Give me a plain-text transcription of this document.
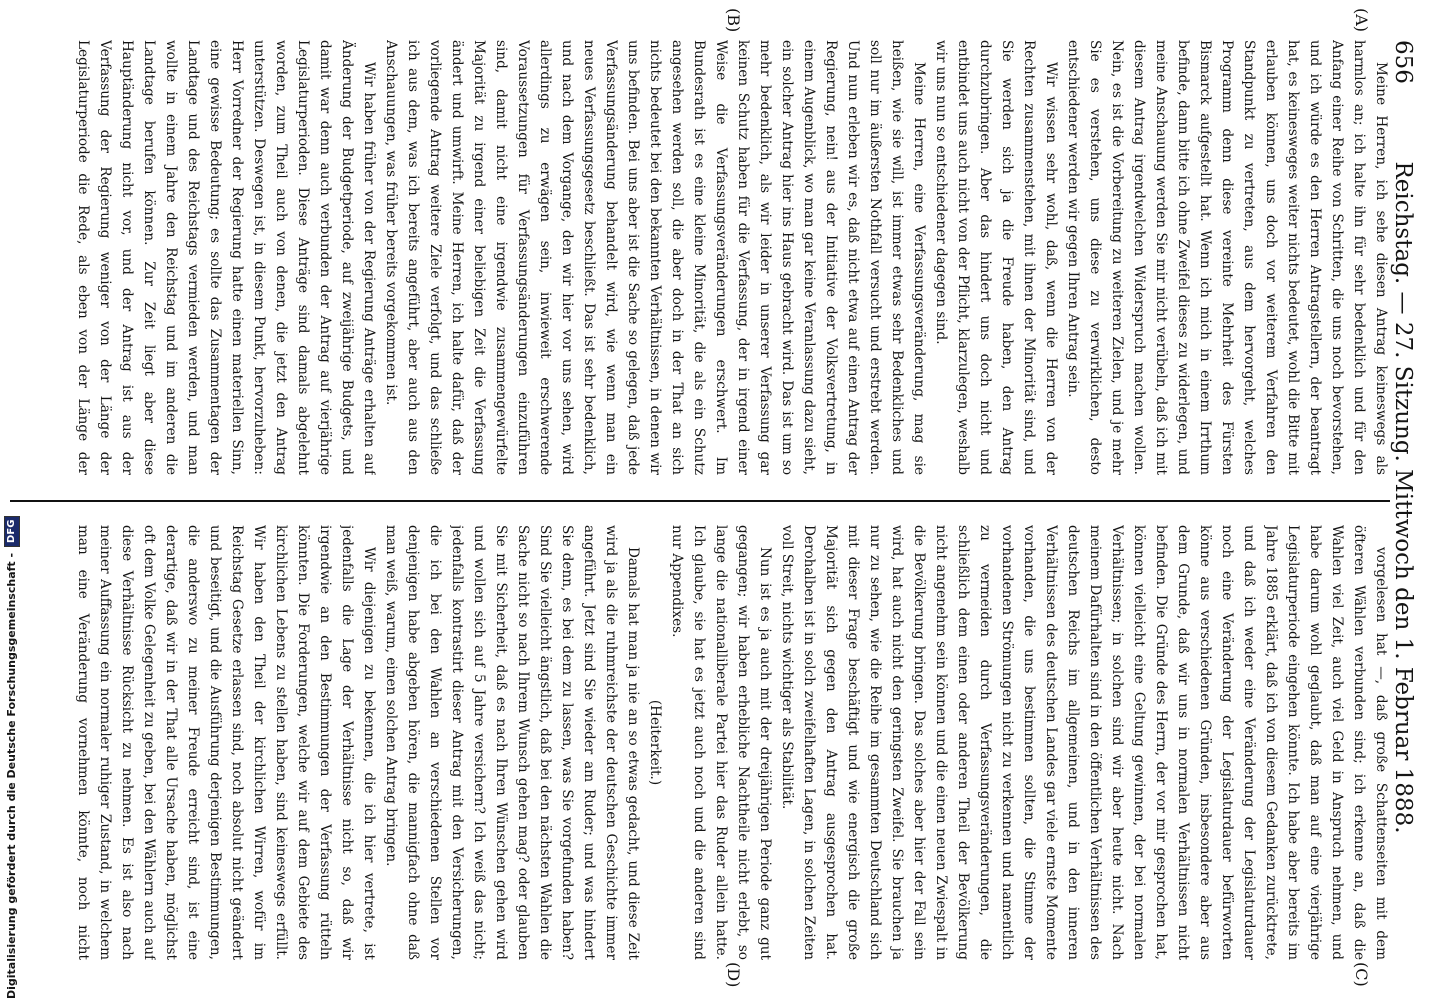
656
Reichstag. — 27. Sitzung. Mittwoch den 1. Februar 1888.
(A)
(B)
(C)
(D)

Meine Herren, ich sehe diesen Antrag keineswegs als harmlos an; ich halte ihn für sehr bedenklich und für den Anfang einer Reihe von Schritten, die uns noch bevorstehen, und ich würde es den Herren Antragstellern, der beantragt hat, es keinesweges weiter nichts bedeutet, wohl die Bitte mit erlauben können, uns doch vor weiterem Verfahren den Standpunkt zu vertreten, aus dem hervorgeht, welches Programm denn diese vereinte Mehrheit des Fürsten Bismarck aufgestellt hat. Wenn ich mich in einem Irrthum befinde, dann bitte ich ohne Zweifel dieses zu widerlegen, und meine Anschauung werden Sie mir nicht verübeln, daß ich mit diesem Antrag irgendwelchen Widerspruch machen wollen. Nein, es ist die Vorbereitung zu weiteren Zielen, und je mehr Sie es verstehen, uns diese zu verwirklichen, desto entschiedener werden wir gegen Ihren Antrag sein.

Wir wissen sehr wohl, daß, wenn die Herren von der Rechten zusammenstehen, mit ihnen der Minorität sind, und Sie werden sich ja die Freude haben, den Antrag durchzubringen. Aber das hindert uns doch nicht und entbindet uns auch nicht von der Pflicht, klarzulegen, weshalb wir uns nun so entschiedener dagegen sind.

Meine Herren, eine Verfassungsveränderung, mag sie heißen, wie sie will, ist immer etwas sehr Bedenkliches und soll nur im äußersten Nothfall versucht und erstrebt werden. Und nun erleben wir es, daß nicht etwa auf einen Antrag der Regierung, nein! aus der Initiative der Volksvertretung, in einem Augenblick, wo man gar keine Veranlassung dazu sieht, ein solcher Antrag hier ins Haus gebracht wird. Das ist um so mehr bedenklich, als wir leider in unserer Verfassung gar keinen Schutz haben für die Verfassung, der in irgend einer Weise die Verfassungsveränderungen erschwert. Im Bundesrath ist es eine kleine Minorität, die als ein Schutz angesehen werden soll, die aber doch in der That an sich nichts bedeutet bei den bekannten Verhältnissen, in denen wir uns befinden. Bei uns aber ist die Sache so gelegen, daß jede Verfassungsänderung behandelt wird, wie wenn man ein neues Verfassungsgesetz beschließt. Das ist sehr bedenklich, und nach dem Vorgange, den wir hier vor uns sehen, wird allerdings zu erwägen sein, inwieweit erschwerende Voraussetzungen für Verfassungsänderungen einzuführen sind, damit nicht eine irgendwie zusammengewürfelte Majorität zu irgend einer beliebigen Zeit die Verfassung ändert und umwirft. Meine Herren, ich halte dafür, daß der vorliegende Antrag weitere Ziele verfolgt, und das schließe ich aus dem, was ich bereits angeführt, aber auch aus den Anschauungen, was früher bereits vorgekommen ist.

Wir haben früher von der Regierung Anträge erhalten auf Änderung der Budgetperiode, auf zweijährige Budgets, und damit war denn auch verbunden der Antrag auf vierjährige Legislaturperioden. Diese Anträge sind damals abgelehnt worden, zum Theil auch von denen, die jetzt den Antrag unterstützen. Deswegen ist, in diesem Punkt, hervorzuheben: Herr Vorredner der Regierung hatte einen materiellen Sinn, eine gewisse Bedeutung; es sollte das Zusammentagen der Landtage und des Reichstags vermieden werden, und man wollte in einem Jahre den Reichstag und im anderen die Landtage berufen können. Zur Zeit liegt aber diese Hauptänderung nicht vor, und der Antrag ist aus der Verfassung der Regierung weniger von der Länge der Legislaturperiode die Rede, als eben von der Länge der

vorgelesen hat —, daß große Schattenseiten mit dem öfteren Wählen verbunden sind; ich erkenne an, daß die Wahlen viel Zeit, auch viel Geld in Anspruch nehmen, und habe darum wohl geglaubt, daß man auf eine vierjährige Legislaturperiode eingehen könnte. Ich habe aber bereits im Jahre 1885 erklärt, daß ich von diesem Gedanken zurücktrete, und daß ich weder eine Veränderung der Legislaturdauer noch eine Veränderung der Legislaturdauer befürworten könne aus verschiedenen Gründen, insbesondere aber aus dem Grunde, daß wir uns in normalen Verhältnissen nicht befinden. Die Gründe des Herrn, der vor mir gesprochen hat, können vielleicht eine Geltung gewinnen, der bei normalen Verhältnissen; in solchen sind wir aber heute nicht. Nach meinem Dafürhalten sind in den öffentlichen Verhältnissen des deutschen Reichs im allgemeinen, und in den inneren Verhältnissen des deutschen Landes gar viele ernste Momente vorhanden, die uns bestimmen sollten, die Stimme der vorhandenen Strömungen nicht zu verkennen und namentlich zu vermeiden durch Verfassungsveränderungen, die schließlich dem einen oder anderen Theil der Bevölkerung nicht angenehm sein können und die einen neuen Zwiespalt in die Bevölkerung bringen. Das solches aber hier der Fall sein wird, hat auch nicht den geringsten Zweifel. Sie brauchen ja nur zu sehen, wie die Reihe im gesammten Deutschland sich mit dieser Frage beschäftigt und wie energisch die große Majorität sich gegen den Antrag ausgesprochen hat. Derohalben ist in solch zweifelhaften Lagen, in solchen Zeiten voll Streit, nichts wichtiger als Stabilität.

Nun ist es ja auch mit der dreijährigen Periode ganz gut gegangen; wir haben erhebliche Nachtheile nicht erlebt, so lange die nationalliberale Partei hier das Ruder allein hatte. Ich glaube, sie hat es jetzt auch noch und die anderen sind nur Appendixes.

(Heiterkeit.)

Damals hat man ja nie an so etwas gedacht, und diese Zeit wird ja als die ruhmreichste der deutschen Geschichte immer angeführt. Jetzt sind Sie wieder am Ruder; und was hindert Sie denn, es bei dem zu lassen, was Sie vorgefunden haben? Sind Sie vielleicht ängstlich, daß bei den nächsten Wahlen die Sache nicht so nach Ihrem Wunsch gehen mag? oder glauben Sie mit Sicherheit, daß es nach Ihren Wünschen gehen wird und wollen sich auf 5 Jahre versichern? Ich weiß das nicht; jedenfalls kontrastirt dieser Antrag mit den Versicherungen, die ich bei den Wahlen an verschiedenen Stellen vor denjenigen habe abgeben hören, die mannigfach ohne daß man weiß, warum, einen solchen Antrag bringen.

Wir diejenigen zu bekennen, die ich hier vertrete, ist jedenfalls die Lage der Verhältnisse nicht so, daß wir irgendwie an den Bestimmungen der Verfassung rütteln könnten. Die Forderungen, welche wir auf dem Gebiete des kirchlichen Lebens zu stellen haben, sind keineswegs erfüllt. Wir haben den Theil der kirchlichen Wirren, wofür im Reichstag Gesetze erlassen sind, noch absolut nicht geändert und beseitigt, und die Ausführung derjenigen Bestimmungen, die anderswo zu meiner Freude erreicht sind, ist eine derartige, daß wir in der That alle Ursache haben, möglichst oft dem Volke Gelegenheit zu geben, bei den Wählern auch auf diese Verhältnisse Rücksicht zu nehmen. Es ist also nach meiner Auffassung ein normaler ruhiger Zustand, in welchem man eine Veränderung vornehmen könnte, noch nicht

Digitalisierung gefördert durch die Deutsche Forschungsgemeinschaft -
DFG
